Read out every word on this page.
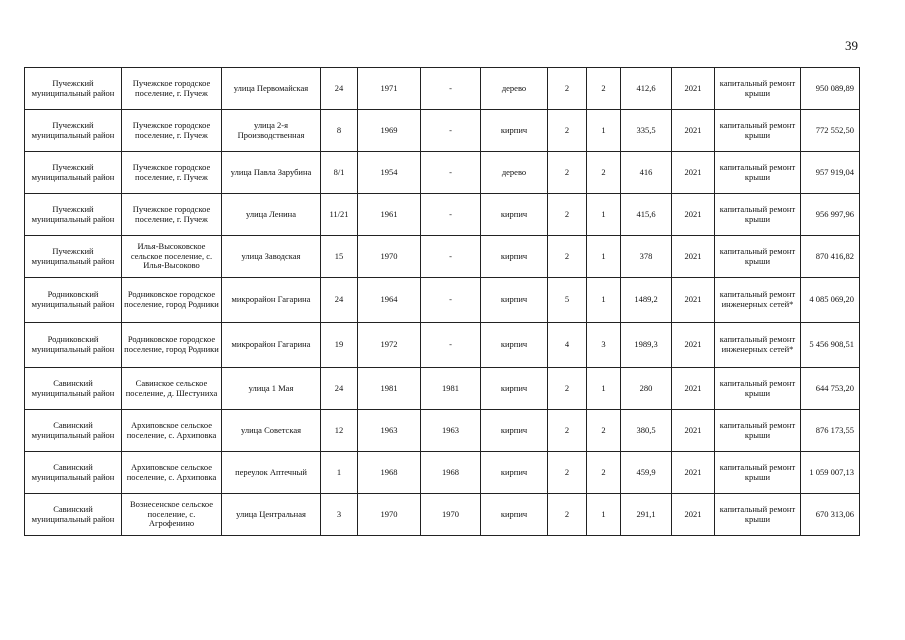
39
Пучежский муниципальный район	Пучежское городское поселение, г. Пучеж	улица Первомайская	24	1971	-	дерево	2	2	412,6	2021	капитальный ремонт крыши	950 089,89
Пучежский муниципальный район	Пучежское городское поселение, г. Пучеж	улица 2-я Производственная	8	1969	-	кирпич	2	1	335,5	2021	капитальный ремонт крыши	772 552,50
Пучежский муниципальный район	Пучежское городское поселение, г. Пучеж	улица Павла Зарубина	8/1	1954	-	дерево	2	2	416	2021	капитальный ремонт крыши	957 919,04
Пучежский муниципальный район	Пучежское городское поселение, г. Пучеж	улица Ленина	11/21	1961	-	кирпич	2	1	415,6	2021	капитальный ремонт крыши	956 997,96
Пучежский муниципальный район	Илья-Высоковское сельское поселение, с. Илья-Высоково	улица Заводская	15	1970	-	кирпич	2	1	378	2021	капитальный ремонт крыши	870 416,82
Родниковский муниципальный район	Родниковское городское поселение, город Родники	микрорайон Гагарина	24	1964	-	кирпич	5	1	1489,2	2021	капитальный ремонт инженерных сетей*	4 085 069,20
Родниковский муниципальный район	Родниковское городское поселение, город Родники	микрорайон Гагарина	19	1972	-	кирпич	4	3	1989,3	2021	капитальный ремонт инженерных сетей*	5 456 908,51
Савинский муниципальный район	Савинское сельское поселение, д. Шестуниха	улица 1 Мая	24	1981	1981	кирпич	2	1	280	2021	капитальный ремонт крыши	644 753,20
Савинский муниципальный район	Архиповское сельское поселение, с. Архиповка	улица Советская	12	1963	1963	кирпич	2	2	380,5	2021	капитальный ремонт крыши	876 173,55
Савинский муниципальный район	Архиповское сельское поселение, с. Архиповка	переулок Аптечный	1	1968	1968	кирпич	2	2	459,9	2021	капитальный ремонт крыши	1 059 007,13
Савинский муниципальный район	Вознесенское сельское поселение, с. Агрофенино	улица Центральная	3	1970	1970	кирпич	2	1	291,1	2021	капитальный ремонт крыши	670 313,06
